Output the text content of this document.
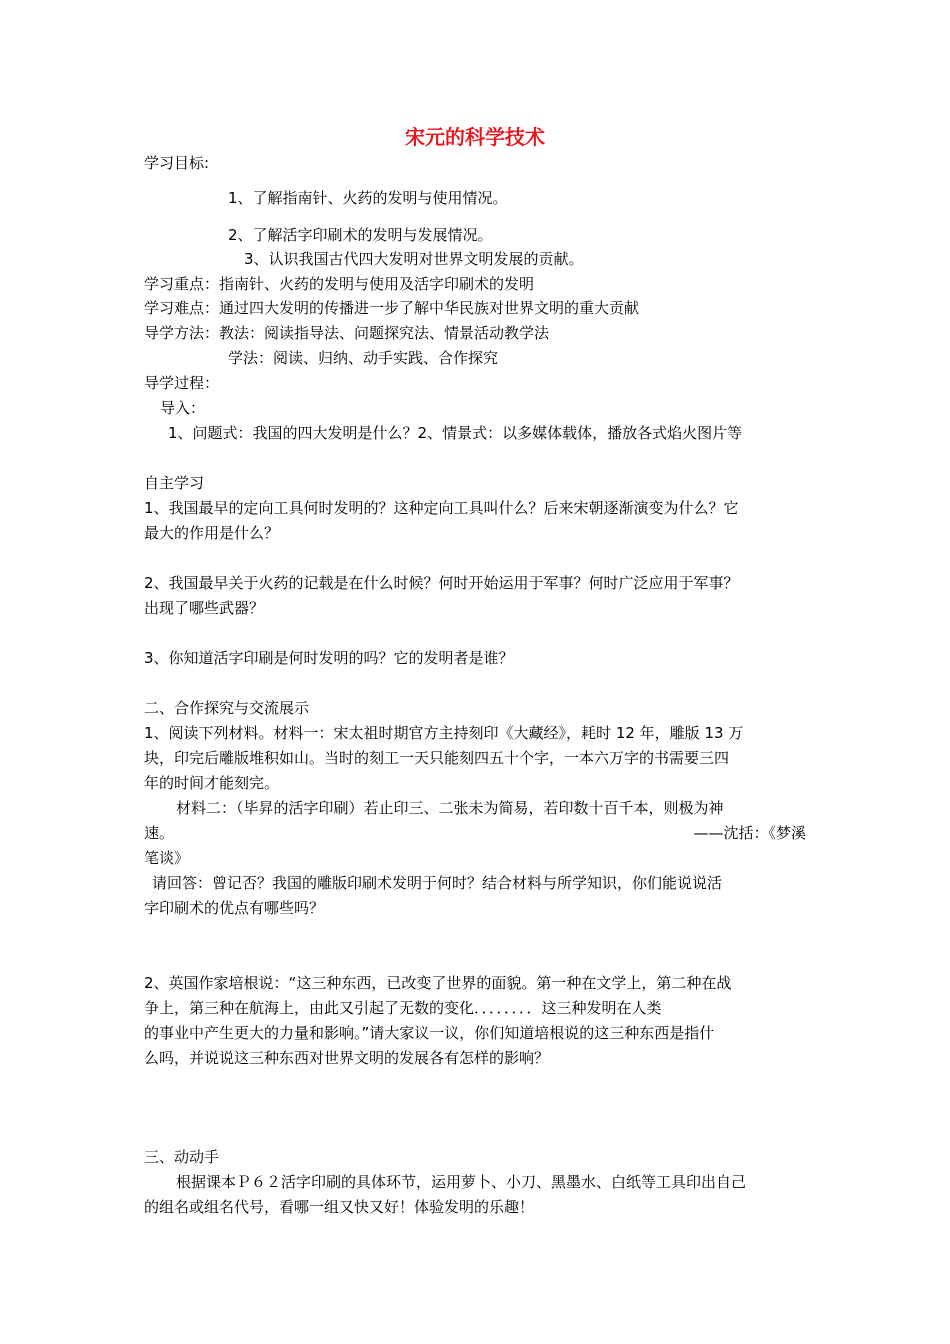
宋元的科学技术
学习目标:
1、了解指南针、火药的发明与使用情况。
2、了解活字印刷术的发明与发展情况。
3、认识我国古代四大发明对世界文明发展的贡献。
学习重点：指南针、火药的发明与使用及活字印刷术的发明
学习难点：通过四大发明的传播进一步了解中华民族对世界文明的重大贡献
导学方法：教法：阅读指导法、问题探究法、情景活动教学法
学法：阅读、归纳、动手实践、合作探究
导学过程：
导入：
1、问题式：我国的四大发明是什么？2、情景式：以多媒体载体，播放各式焰火图片等
自主学习
1、我国最早的定向工具何时发明的？这种定向工具叫什么？后来宋朝逐渐演变为什么？它
最大的作用是什么？
2、我国最早关于火药的记载是在什么时候？何时开始运用于军事？何时广泛应用于军事？
出现了哪些武器？
3、你知道活字印刷是何时发明的吗？它的发明者是谁？
二、合作探究与交流展示
1、阅读下列材料。材料一：宋太祖时期官方主持刻印《大藏经》，耗时 12 年，雕版 13 万
块，印完后雕版堆积如山。当时的刻工一天只能刻四五十个字，一本六万字的书需要三四
年的时间才能刻完。
材料二：（毕昇的活字印刷）若止印三、二张未为简易，若印数十百千本，则极为神
速。	——沈括：《梦溪
笔谈》
请回答：曾记否？我国的雕版印刷术发明于何时？结合材料与所学知识，你们能说说活
字印刷术的优点有哪些吗？
2、英国作家培根说：“这三种东西，已改变了世界的面貌。第一种在文学上，第二种在战
争上，第三种在航海上，由此又引起了无数的变化．．．．．．．．这三种发明在人类
的事业中产生更大的力量和影响。”请大家议一议，你们知道培根说的这三种东西是指什
么吗，并说说这三种东西对世界文明的发展各有怎样的影响？
三、动动手
根据课本Ｐ６２活字印刷的具体环节，运用萝卜、小刀、黑墨水、白纸等工具印出自己
的组名或组名代号，看哪一组又快又好！体验发明的乐趣！
